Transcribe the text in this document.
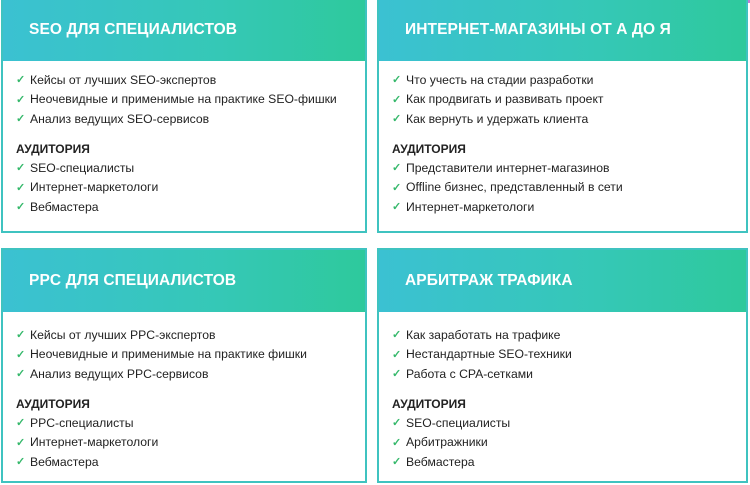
SEO ДЛЯ СПЕЦИАЛИСТОВ
✓ Кейсы от лучших SEO-экспертов
✓ Неочевидные и применимые на практике SEO-фишки
✓ Анализ ведущих SEO-сервисов
АУДИТОРИЯ
✓ SEO-специалисты
✓ Интернет-маркетологи
✓ Вебмастера
ИНТЕРНЕТ-МАГАЗИНЫ ОТ А ДО Я
✓ Что учесть на стадии разработки
✓ Как продвигать и развивать проект
✓ Как вернуть и удержать клиента
АУДИТОРИЯ
✓ Представители интернет-магазинов
✓ Offline бизнес, представленный в сети
✓ Интернет-маркетологи
PPC ДЛЯ СПЕЦИАЛИСТОВ
✓ Кейсы от лучших PPC-экспертов
✓ Неочевидные и применимые на практике фишки
✓ Анализ ведущих PPC-сервисов
АУДИТОРИЯ
✓ PPC-специалисты
✓ Интернет-маркетологи
✓ Вебмастера
АРБИТРАЖ ТРАФИКА
✓ Как заработать на трафике
✓ Нестандартные SEO-техники
✓ Работа с CPA-сетками
АУДИТОРИЯ
✓ SEO-специалисты
✓ Арбитражники
✓ Вебмастера
